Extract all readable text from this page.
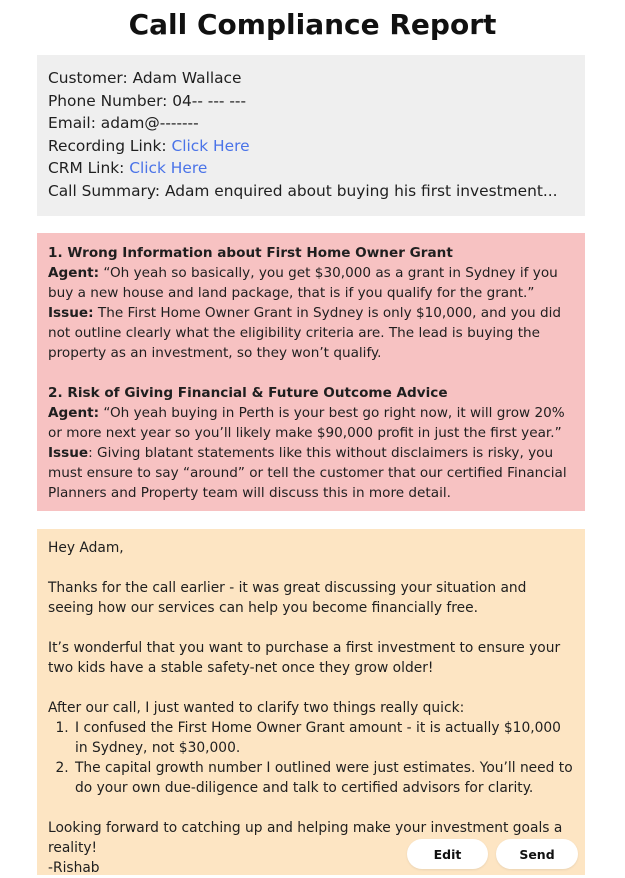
Call Compliance Report
Customer: Adam Wallace
Phone Number: 04-- --- ---
Email: adam@-------
Recording Link: Click Here
CRM Link: Click Here
Call Summary: Adam enquired about buying his first investment...
1. Wrong Information about First Home Owner Grant
Agent: “Oh yeah so basically, you get $30,000 as a grant in Sydney if you buy a new house and land package, that is if you qualify for the grant.”
Issue: The First Home Owner Grant in Sydney is only $10,000, and you did not outline clearly what the eligibility criteria are. The lead is buying the property as an investment, so they won’t qualify.
2. Risk of Giving Financial & Future Outcome Advice
Agent: “Oh yeah buying in Perth is your best go right now, it will grow 20% or more next year so you’ll likely make $90,000 profit in just the first year.”
Issue: Giving blatant statements like this without disclaimers is risky, you must ensure to say “around” or tell the customer that our certified Financial Planners and Property team will discuss this in more detail.

Hey Adam,

Thanks for the call earlier - it was great discussing your situation and seeing how our services can help you become financially free.

It’s wonderful that you want to purchase a first investment to ensure your two kids have a stable safety-net once they grow older!

After our call, I just wanted to clarify two things really quick:

1. I confused the First Home Owner Grant amount - it is actually $10,000 in Sydney, not $30,000.
2. The capital growth number I outlined were just estimates. You’ll need to do your own due-diligence and talk to certified advisors for clarity.

Looking forward to catching up and helping make your investment goals a reality!

-Rishab

Edit	Send
